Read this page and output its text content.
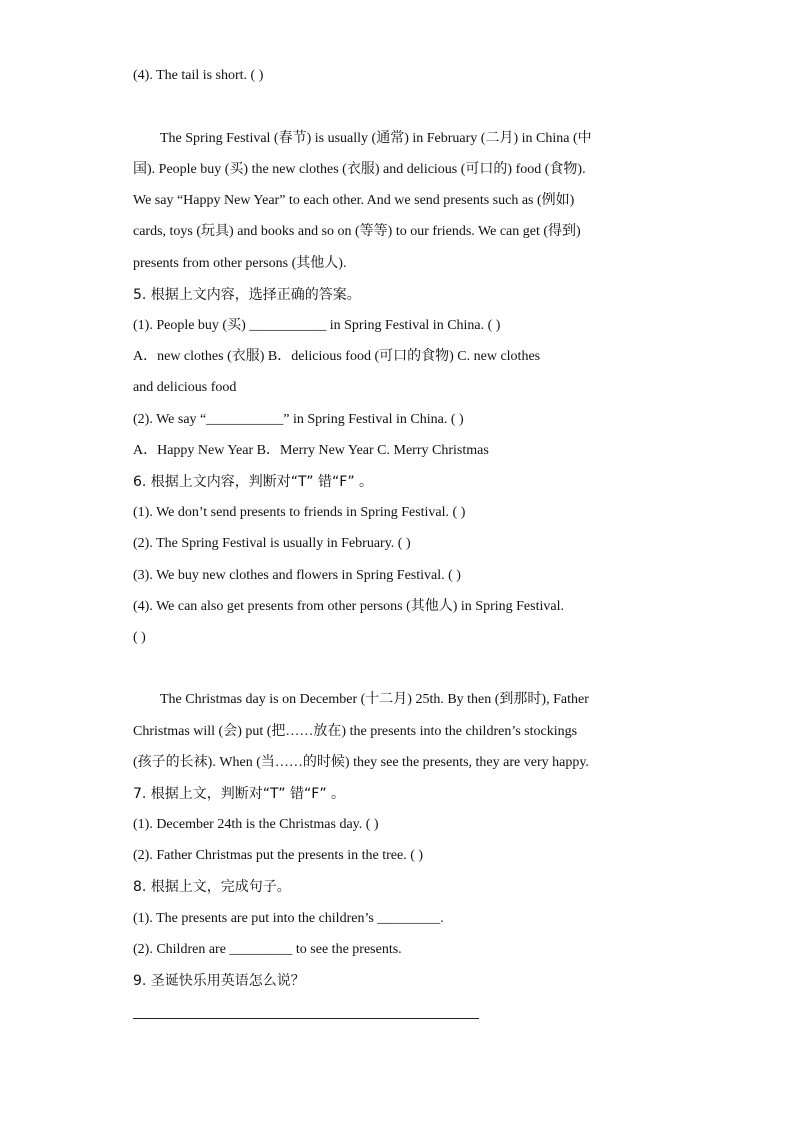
(4). The tail is short. ( )
The Spring Festival (春节) is usually (通常) in February (二月) in China (中
国). People buy (买) the new clothes (衣服) and delicious (可口的) food (食物).
We say “Happy New Year” to each other. And we send presents such as (例如)
cards, toys (玩具) and books and so on (等等) to our friends. We can get (得到)
presents from other persons (其他人).
5. 根据上文内容，选择正确的答案。
(1). People buy (买) ___________ in Spring Festival in China. ( )
A．new clothes (衣服) B．delicious food (可口的食物) C. new clothes
and delicious food
(2). We say “___________” in Spring Festival in China. ( )
A．Happy New Year B．Merry New Year C. Merry Christmas
6. 根据上文内容，判断对“T” 错“F” 。
(1). We don’t send presents to friends in Spring Festival. ( )
(2). The Spring Festival is usually in February. ( )
(3). We buy new clothes and flowers in Spring Festival. ( )
(4). We can also get presents from other persons (其他人) in Spring Festival.
( )
The Christmas day is on December (十二月) 25th. By then (到那时), Father
Christmas will (会) put (把……放在) the presents into the children’s stockings
(孩子的长袜). When (当……的时候) they see the presents, they are very happy.
7. 根据上文，判断对“T” 错“F” 。
(1). December 24th is the Christmas day. ( )
(2). Father Christmas put the presents in the tree. ( )
8. 根据上文，完成句子。
(1). The presents are put into the children’s _________.
(2). Children are _________ to see the presents.
9. 圣诞快乐用英语怎么说？
